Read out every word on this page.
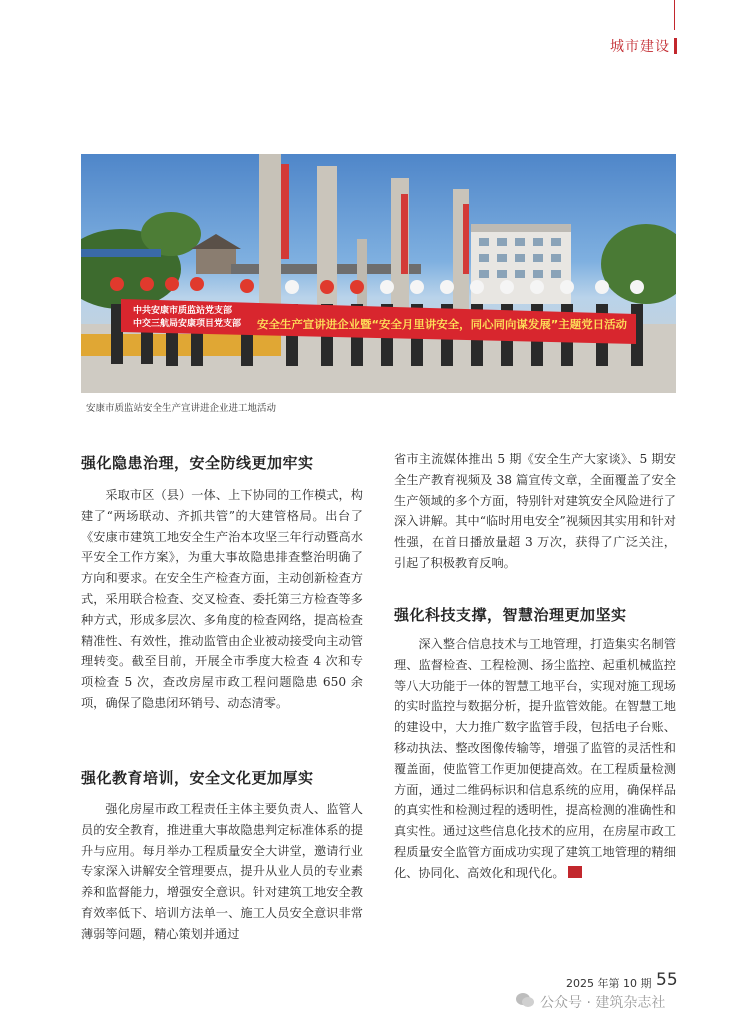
城市建设
中共安康市质监站党支部
中交三航局安康项目党支部 安全生产宣讲进企业暨“安全月里讲安全，同心同向谋发展”主题党日活动
安康市质监站安全生产宣讲进企业进工地活动
强化隐患治理，安全防线更加牢实

采取市区（县）一体、上下协同的工作模式，构建了“两场联动、齐抓共管”的大建管格局。出台了《安康市建筑工地安全生产治本攻坚三年行动暨高水平安全工作方案》，为重大事故隐患排查整治明确了方向和要求。在安全生产检查方面，主动创新检查方式，采用联合检查、交叉检查、委托第三方检查等多种方式，形成多层次、多角度的检查网络，提高检查精准性、有效性，推动监管由企业被动接受向主动管理转变。截至目前，开展全市季度大检查 4 次和专项检查 5 次，查改房屋市政工程问题隐患 650 余项，确保了隐患闭环销号、动态清零。

强化教育培训，安全文化更加厚实

强化房屋市政工程责任主体主要负责人、监管人员的安全教育，推进重大事故隐患判定标准体系的提升与应用。每月举办工程质量安全大讲堂，邀请行业专家深入讲解安全管理要点，提升从业人员的专业素养和监督能力，增强安全意识。针对建筑工地安全教育效率低下、培训方法单一、施工人员安全意识非常薄弱等问题，精心策划并通过

省市主流媒体推出 5 期《安全生产大家谈》、5 期安全生产教育视频及 38 篇宣传文章，全面覆盖了安全生产领域的多个方面，特别针对建筑安全风险进行了深入讲解。其中“临时用电安全”视频因其实用和针对性强，在首日播放量超 3 万次，获得了广泛关注，引起了积极教育反响。

强化科技支撑，智慧治理更加坚实

深入整合信息技术与工地管理，打造集实名制管理、监督检查、工程检测、扬尘监控、起重机械监控等八大功能于一体的智慧工地平台，实现对施工现场的实时监控与数据分析，提升监管效能。在智慧工地的建设中，大力推广数字监管手段，包括电子台账、移动执法、整改图像传输等，增强了监管的灵活性和覆盖面，使监管工作更加便捷高效。在工程质量检测方面，通过二维码标识和信息系统的应用，确保样品的真实性和检测过程的透明性，提高检测的准确性和真实性。通过这些信息化技术的应用，在房屋市政工程质量安全监管方面成功实现了建筑工地管理的精细化、协同化、高效化和现代化。

2025 年第 10 期 55
公众号 · 建筑杂志社
